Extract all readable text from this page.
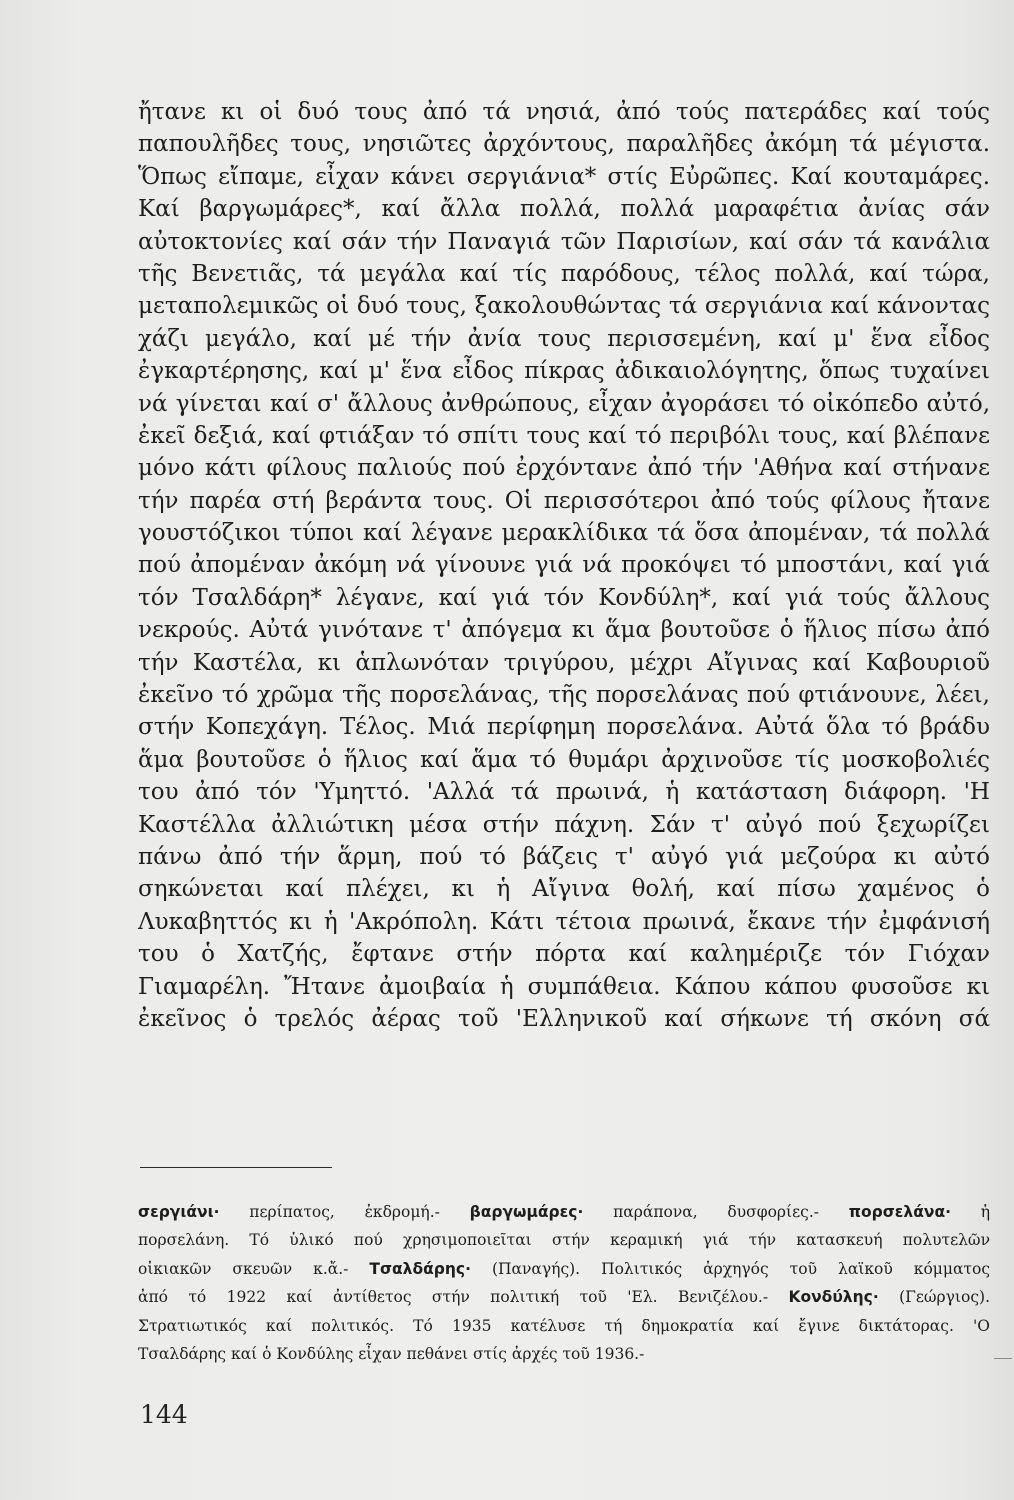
ἤτανε κι οἱ δυό τους ἀπό τά νησιά, ἀπό τούς πατεράδες καί τούς
παπουλῆδες τους, νησιῶτες ἀρχόντους, παραλῆδες ἀκόμη τά μέγιστα.
Ὅπως εἴπαμε, εἶχαν κάνει σεργιάνια* στίς Εὐρῶπες. Καί κουταμάρες.
Καί βαργωμάρες*, καί ἄλλα πολλά, πολλά μαραφέτια ἀνίας σάν
αὐτοκτονίες καί σάν τήν Παναγιά τῶν Παρισίων, καί σάν τά κανάλια
τῆς Βενετιᾶς, τά μεγάλα καί τίς παρόδους, τέλος πολλά, καί τώρα,
μεταπολεμικῶς οἱ δυό τους, ξακολουθώντας τά σεργιάνια καί κάνοντας
χάζι μεγάλο, καί μέ τήν ἀνία τους περισσεμένη, καί μ' ἕνα εἶδος
ἐγκαρτέρησης, καί μ' ἕνα εἶδος πίκρας ἀδικαιολόγητης, ὅπως τυχαίνει
νά γίνεται καί σ' ἄλλους ἀνθρώπους, εἶχαν ἀγοράσει τό οἰκόπεδο αὐτό,
ἐκεῖ δεξιά, καί φτιάξαν τό σπίτι τους καί τό περιβόλι τους, καί βλέπανε
μόνο κάτι φίλους παλιούς πού ἐρχόντανε ἀπό τήν 'Αθήνα καί στήνανε
τήν παρέα στή βεράντα τους. Οἱ περισσότεροι ἀπό τούς φίλους ἤτανε
γουστόζικοι τύποι καί λέγανε μερακλίδικα τά ὅσα ἀπομέναν, τά πολλά
πού ἀπομέναν ἀκόμη νά γίνουνε γιά νά προκόψει τό μποστάνι, καί γιά
τόν Τσαλδάρη* λέγανε, καί γιά τόν Κονδύλη*, καί γιά τούς ἄλλους
νεκρούς. Αὐτά γινότανε τ' ἀπόγεμα κι ἅμα βουτοῦσε ὁ ἥλιος πίσω ἀπό
τήν Καστέλα, κι ἁπλωνόταν τριγύρου, μέχρι Αἴγινας καί Καβουριοῦ
ἐκεῖνο τό χρῶμα τῆς πορσελάνας, τῆς πορσελάνας πού φτιάνουνε, λέει,
στήν Κοπεχάγη. Τέλος. Μιά περίφημη πορσελάνα. Αὐτά ὅλα τό βράδυ
ἅμα βουτοῦσε ὁ ἥλιος καί ἅμα τό θυμάρι ἀρχινοῦσε τίς μοσκοβολιές
του ἀπό τόν 'Υμηττό. 'Αλλά τά πρωινά, ἡ κατάσταση διάφορη. 'Η
Καστέλλα ἀλλιώτικη μέσα στήν πάχνη. Σάν τ' αὐγό πού ξεχωρίζει
πάνω ἀπό τήν ἅρμη, πού τό βάζεις τ' αὐγό γιά μεζούρα κι αὐτό
σηκώνεται καί πλέχει, κι ἡ Αἴγινα θολή, καί πίσω χαμένος ὁ
Λυκαβηττός κι ἡ 'Ακρόπολη. Κάτι τέτοια πρωινά, ἔκανε τήν ἐμφάνισή
του ὁ Χατζής, ἔφτανε στήν πόρτα καί καλημέριζε τόν Γιόχαν
Γιαμαρέλη. Ἤτανε ἀμοιβαία ἡ συμπάθεια. Κάπου κάπου φυσοῦσε κι
ἐκεῖνος ὁ τρελός ἀέρας τοῦ 'Ελληνικοῦ καί σήκωνε τή σκόνη σά
σεργιάνι· περίπατος, ἐκδρομή.- βαργωμάρες· παράπονα, δυσφορίες.- πορσελάνα· ἡ
πορσελάνη. Τό ὑλικό πού χρησιμοποιεῖται στήν κεραμική γιά τήν κατασκευή πολυτελῶν
οἰκιακῶν σκευῶν κ.ἄ.- Τσαλδάρης· (Παναγής). Πολιτικός ἀρχηγός τοῦ λαϊκοῦ κόμματος
ἀπό τό 1922 καί ἀντίθετος στήν πολιτική τοῦ 'Ελ. Βενιζέλου.- Κονδύλης· (Γεώργιος).
Στρατιωτικός καί πολιτικός. Τό 1935 κατέλυσε τή δημοκρατία καί ἔγινε δικτάτορας. 'Ο
Τσαλδάρης καί ὁ Κονδύλης εἶχαν πεθάνει στίς ἀρχές τοῦ 1936.-
144
